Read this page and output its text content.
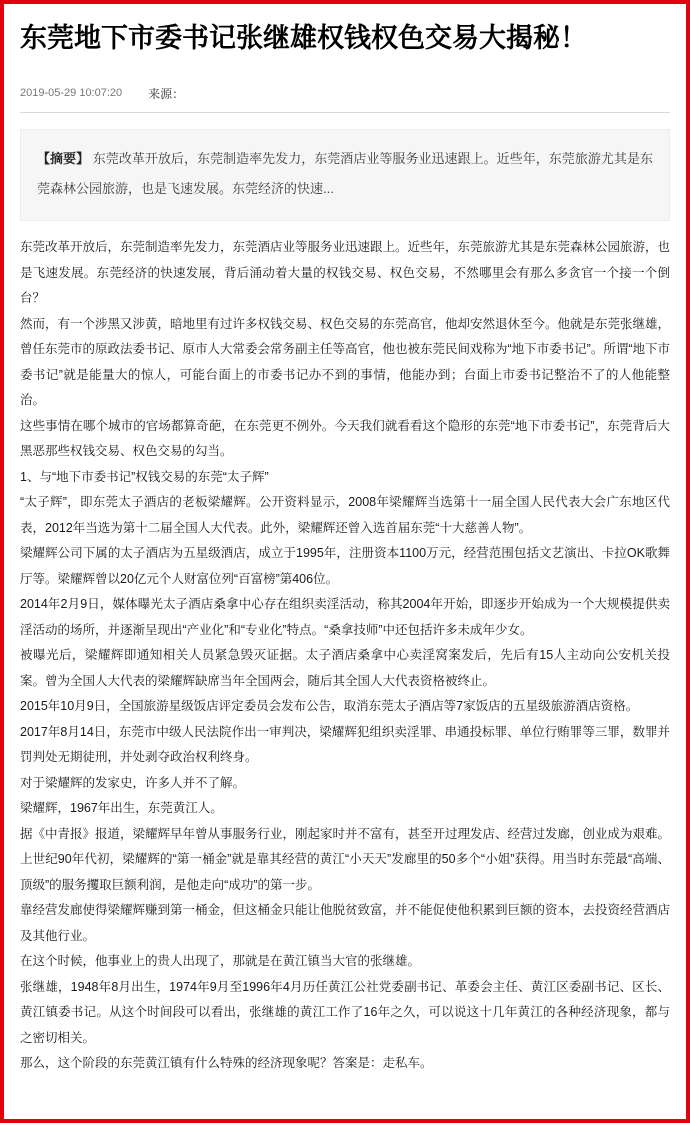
东莞地下市委书记张继雄权钱权色交易大揭秘！
2019-05-29 10:07:20 来源：
【摘要】 东莞改革开放后，东莞制造率先发力，东莞酒店业等服务业迅速跟上。近些年，东莞旅游尤其是东莞森林公园旅游，也是飞速发展。东莞经济的快速...

东莞改革开放后，东莞制造率先发力，东莞酒店业等服务业迅速跟上。近些年，东莞旅游尤其是东莞森林公园旅游，也是飞速发展。东莞经济的快速发展，背后涌动着大量的权钱交易、权色交易，不然哪里会有那么多贪官一个接一个倒台？

然而，有一个涉黑又涉黄，暗地里有过许多权钱交易、权色交易的东莞高官，他却安然退休至今。他就是东莞张继雄，曾任东莞市的原政法委书记、原市人大常委会常务副主任等高官，他也被东莞民间戏称为“地下市委书记”。所谓“地下市委书记”就是能量大的惊人，可能台面上的市委书记办不到的事情，他能办到；台面上市委书记整治不了的人他能整治。

这些事情在哪个城市的官场都算奇葩，在东莞更不例外。今天我们就看看这个隐形的东莞“地下市委书记”，东莞背后大黑恶那些权钱交易、权色交易的勾当。

1、与“地下市委书记”权钱交易的东莞“太子辉”

“太子辉”，即东莞太子酒店的老板梁耀辉。公开资料显示，2008年梁耀辉当选第十一届全国人民代表大会广东地区代表，2012年当选为第十二届全国人大代表。此外，梁耀辉还曾入选首届东莞“十大慈善人物”。

梁耀辉公司下属的太子酒店为五星级酒店，成立于1995年，注册资本1100万元，经营范围包括文艺演出、卡拉OK歌舞厅等。梁耀辉曾以20亿元个人财富位列“百富榜”第406位。

2014年2月9日，媒体曝光太子酒店桑拿中心存在组织卖淫活动，称其2004年开始，即逐步开始成为一个大规模提供卖淫活动的场所，并逐渐呈现出“产业化”和“专业化”特点。“桑拿技师”中还包括许多未成年少女。

被曝光后，梁耀辉即通知相关人员紧急毁灭证据。太子酒店桑拿中心卖淫窝案发后，先后有15人主动向公安机关投案。曾为全国人大代表的梁耀辉缺席当年全国两会，随后其全国人大代表资格被终止。

2015年10月9日，全国旅游星级饭店评定委员会发布公告，取消东莞太子酒店等7家饭店的五星级旅游酒店资格。

2017年8月14日，东莞市中级人民法院作出一审判决，梁耀辉犯组织卖淫罪、串通投标罪、单位行贿罪等三罪，数罪并罚判处无期徒刑，并处剥夺政治权利终身。

对于梁耀辉的发家史，许多人并不了解。

梁耀辉，1967年出生，东莞黄江人。

据《中青报》报道，梁耀辉早年曾从事服务行业，刚起家时并不富有，甚至开过理发店、经营过发廊，创业成为艰难。上世纪90年代初，梁耀辉的“第一桶金”就是靠其经营的黄江“小天天”发廊里的50多个“小姐”获得。用当时东莞最“高端、顶级”的服务攫取巨额利润，是他走向“成功”的第一步。

靠经营发廊使得梁耀辉赚到第一桶金，但这桶金只能让他脱贫致富，并不能促使他积累到巨额的资本，去投资经营酒店及其他行业。

在这个时候，他事业上的贵人出现了，那就是在黄江镇当大官的张继雄。

张继雄，1948年8月出生，1974年9月至1996年4月历任黄江公社党委副书记、革委会主任、黄江区委副书记、区长、黄江镇委书记。从这个时间段可以看出，张继雄的黄江工作了16年之久，可以说这十几年黄江的各种经济现象，都与之密切相关。

那么，这个阶段的东莞黄江镇有什么特殊的经济现象呢？答案是：走私车。
